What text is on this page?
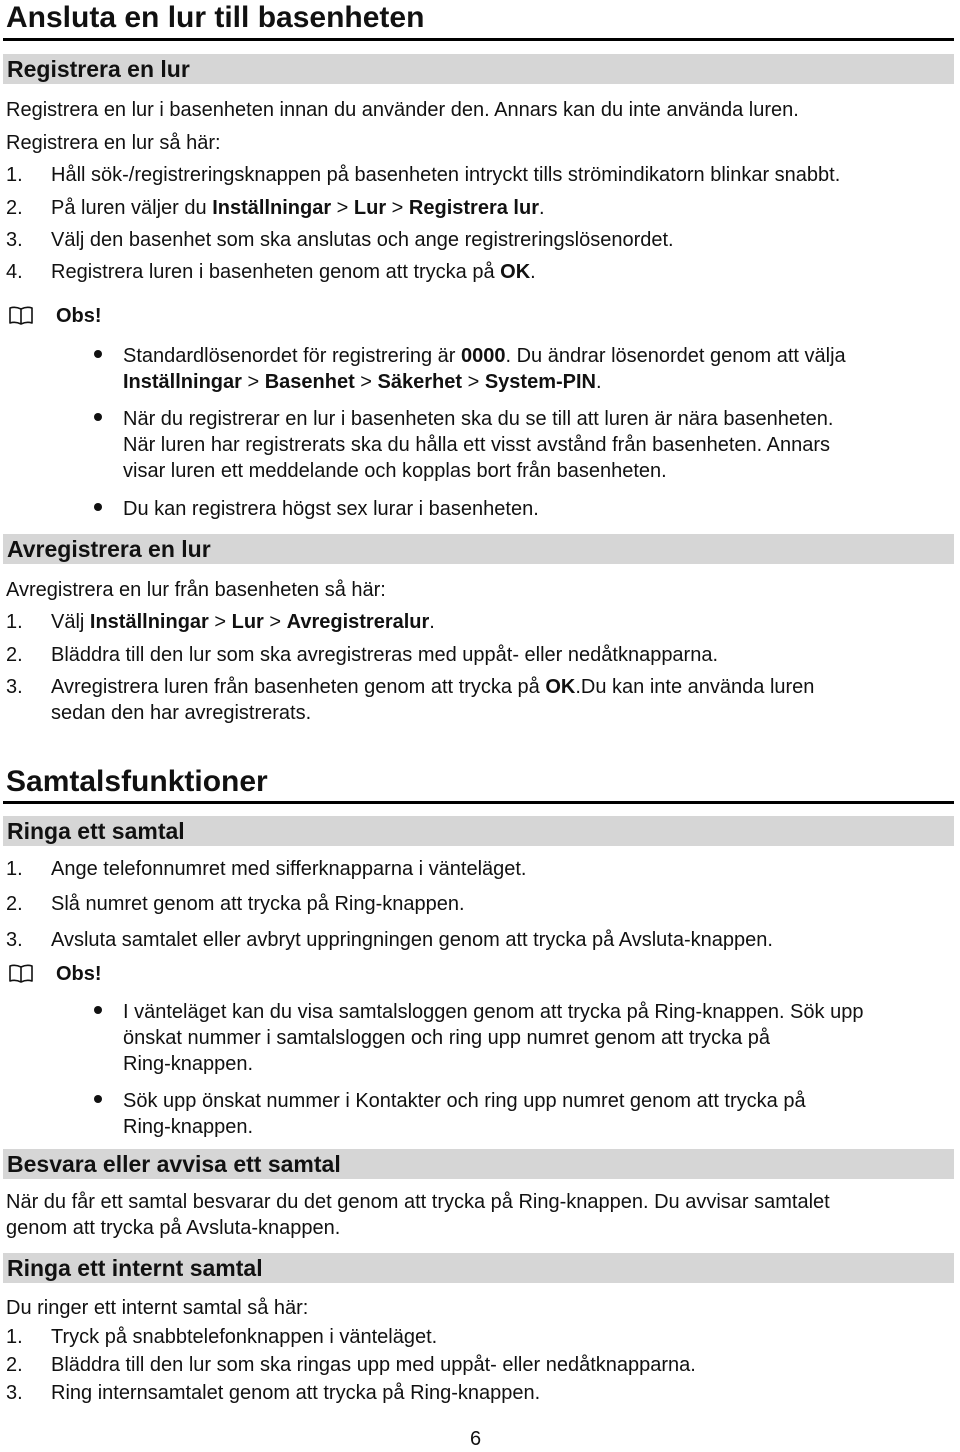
Ansluta en lur till basenheten
Registrera en lur
Registrera en lur i basenheten innan du använder den. Annars kan du inte använda luren.
Registrera en lur så här:
1. Håll sök-/registreringsknappen på basenheten intryckt tills strömindikatorn blinkar snabbt.
2. På luren väljer du Inställningar > Lur > Registrera lur.
3. Välj den basenhet som ska anslutas och ange registreringslösenordet.
4. Registrera luren i basenheten genom att trycka på OK.
Obs!
Standardlösenordet för registrering är 0000. Du ändrar lösenordet genom att välja
Inställningar > Basenhet > Säkerhet > System-PIN.
När du registrerar en lur i basenheten ska du se till att luren är nära basenheten.
När luren har registrerats ska du hålla ett visst avstånd från basenheten. Annars
visar luren ett meddelande och kopplas bort från basenheten.
Du kan registrera högst sex lurar i basenheten.
Avregistrera en lur
Avregistrera en lur från basenheten så här:
1. Välj Inställningar > Lur > Avregistreralur.
2. Bläddra till den lur som ska avregistreras med uppåt- eller nedåtknapparna.
3. Avregistrera luren från basenheten genom att trycka på OK.Du kan inte använda luren
sedan den har avregistrerats.
Samtalsfunktioner
Ringa ett samtal
1. Ange telefonnumret med sifferknapparna i vänteläget.
2. Slå numret genom att trycka på Ring-knappen.
3. Avsluta samtalet eller avbryt uppringningen genom att trycka på Avsluta-knappen.
Obs!
I vänteläget kan du visa samtalsloggen genom att trycka på Ring-knappen. Sök upp
önskat nummer i samtalsloggen och ring upp numret genom att trycka på
Ring-knappen.
Sök upp önskat nummer i Kontakter och ring upp numret genom att trycka på
Ring-knappen.
Besvara eller avvisa ett samtal
När du får ett samtal besvarar du det genom att trycka på Ring-knappen. Du avvisar samtalet
genom att trycka på Avsluta-knappen.
Ringa ett internt samtal
Du ringer ett internt samtal så här:
1. Tryck på snabbtelefonknappen i vänteläget.
2. Bläddra till den lur som ska ringas upp med uppåt- eller nedåtknapparna.
3. Ring internsamtalet genom att trycka på Ring-knappen.
6
